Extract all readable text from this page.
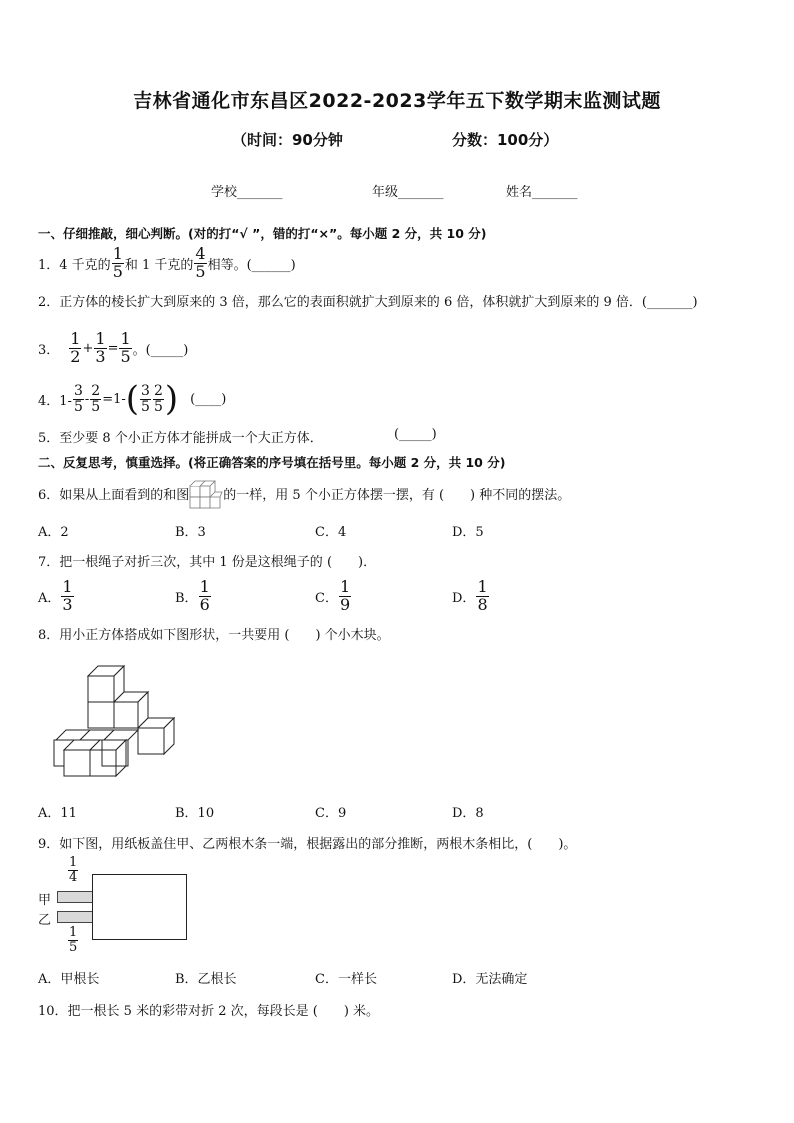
吉林省通化市东昌区2022-2023学年五下数学期末监测试题
（时间：90分钟	分数：100分）
学校_______	年级_______	姓名_______
一、仔细推敲，细心判断。(对的打“√ ”，错的打“×”。每小题 2 分，共 10 分)
1．4 千克的 $\frac{1}{5}$ 和 1 千克的 $\frac{4}{5}$ 相等。(______)
2．正方体的棱长扩大到原来的 3 倍，那么它的表面积就扩大到原来的 6 倍，体积就扩大到原来的 9 倍．(_______)
3． $\frac{1}{2} + \frac{1}{3} = \frac{1}{5}$ 。(_____)
4．$1- \frac{3}{5} - \frac{2}{5} =1-$ ( $\frac{3}{5} \frac{2}{5}$ ) (____)
5．至少要 8 个小正方体才能拼成一个大正方体．	(_____)
二、反复思考，慎重选择。(将正确答案的序号填在括号里。每小题 2 分，共 10 分)
6．如果从上面看到的和图	的一样，用 5 个小正方体摆一摆，有 (　　) 种不同的摆法。
A．2	B．3	C．4	D．5
7．把一根绳子对折三次，其中 1 份是这根绳子的 (　　)．
A． $\frac{1}{3}$	B． $\frac{1}{6}$	C． $\frac{1}{9}$	D． $\frac{1}{8}$
8．用小正方体搭成如下图形状，一共要用 (　　) 个小木块。
A．11	B．10	C．9	D．8
9．如下图，用纸板盖住甲、乙两根木条一端，根据露出的部分推断，两根木条相比，(　　)。
$\frac{1}{4}$
甲
乙
$\frac{1}{5}$
A．甲根长	B．乙根长	C．一样长	D．无法确定
10．把一根长 5 米的彩带对折 2 次，每段长是 (　　) 米。
